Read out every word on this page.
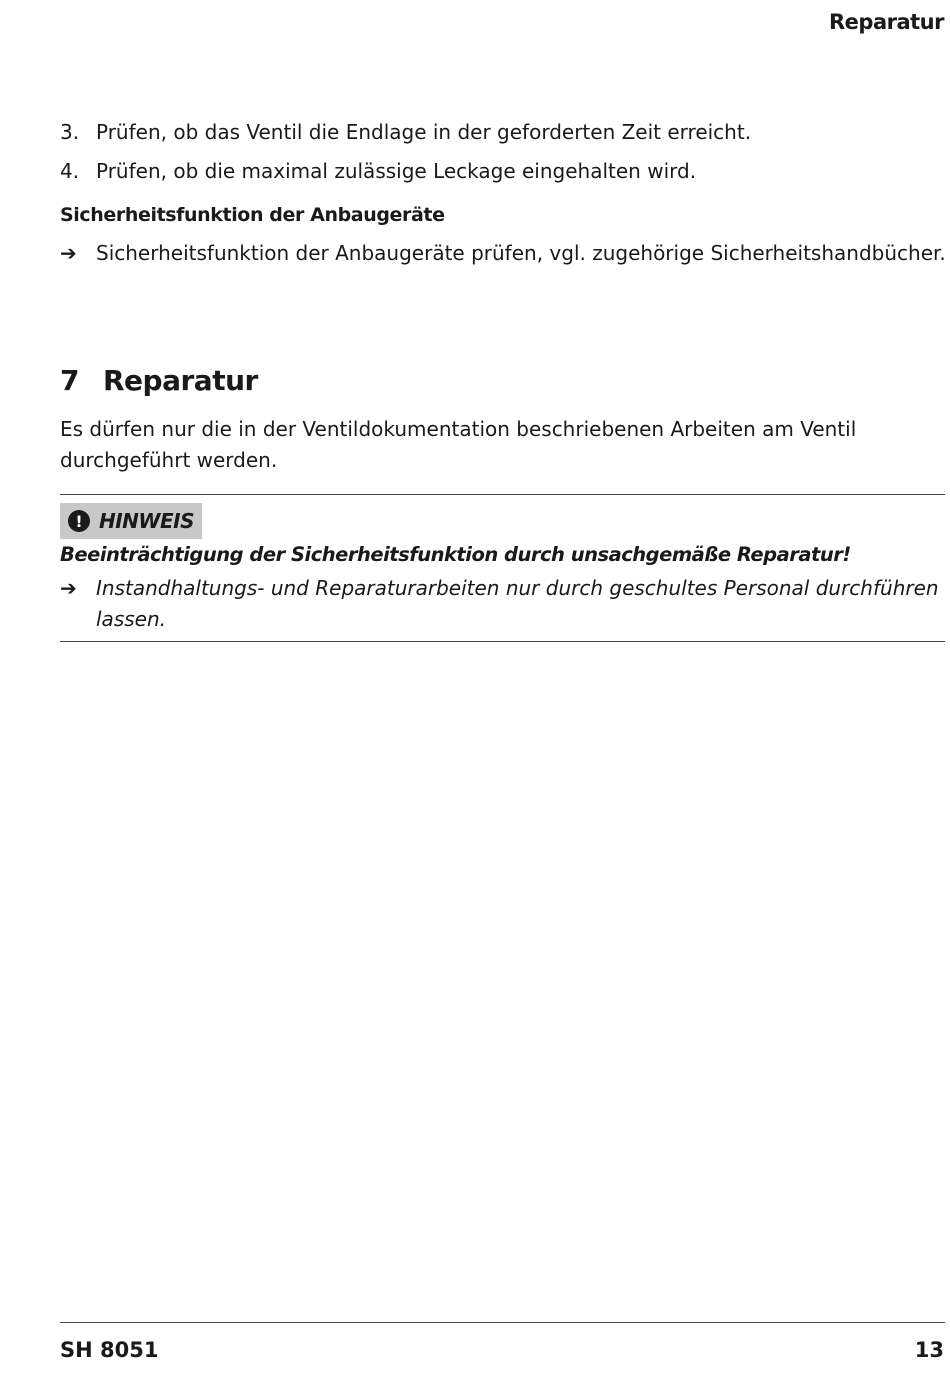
Reparatur
3. Prüfen, ob das Ventil die Endlage in der geforderten Zeit erreicht.
4. Prüfen, ob die maximal zulässige Leckage eingehalten wird.
Sicherheitsfunktion der Anbaugeräte
➔ Sicherheitsfunktion der Anbaugeräte prüfen, vgl. zugehörige Sicherheitshandbücher.
7 Reparatur
Es dürfen nur die in der Ventildokumentation beschriebenen Arbeiten am Ventil durchgeführt werden.
! HINWEIS
Beeinträchtigung der Sicherheitsfunktion durch unsachgemäße Reparatur!
➔ Instandhaltungs- und Reparaturarbeiten nur durch geschultes Personal durchführen lassen.
SH 8051	13
